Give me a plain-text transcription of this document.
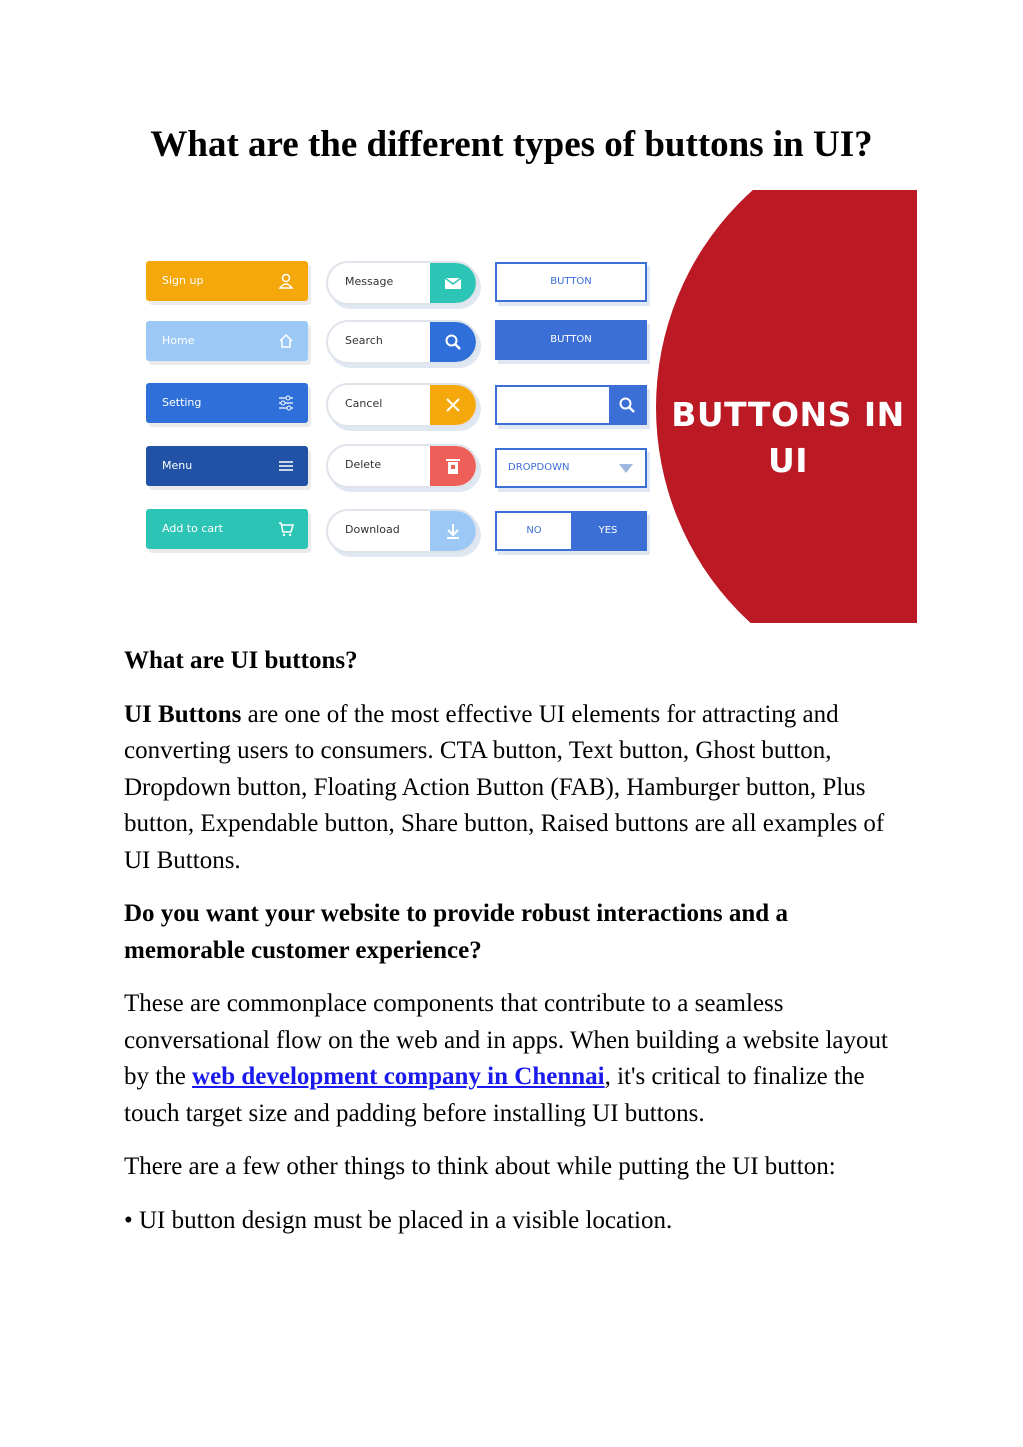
What are the different types of buttons in UI?
BUTTONS IN
UI
Sign up
Home
Setting
Menu
Add to cart
Message
Search
Cancel
Delete
Download
BUTTON
BUTTON
DROPDOWN
NO	YES
What are UI buttons?

UI Buttons are one of the most effective UI elements for attracting and converting users to consumers. CTA button, Text button, Ghost button, Dropdown button, Floating Action Button (FAB), Hamburger button, Plus button, Expendable button, Share button, Raised buttons are all examples of UI Buttons.

Do you want your website to provide robust interactions and a memorable customer experience?

These are commonplace components that contribute to a seamless conversational flow on the web and in apps. When building a website layout by the web development company in Chennai, it's critical to finalize the touch target size and padding before installing UI buttons.

There are a few other things to think about while putting the UI button:

• UI button design must be placed in a visible location.
